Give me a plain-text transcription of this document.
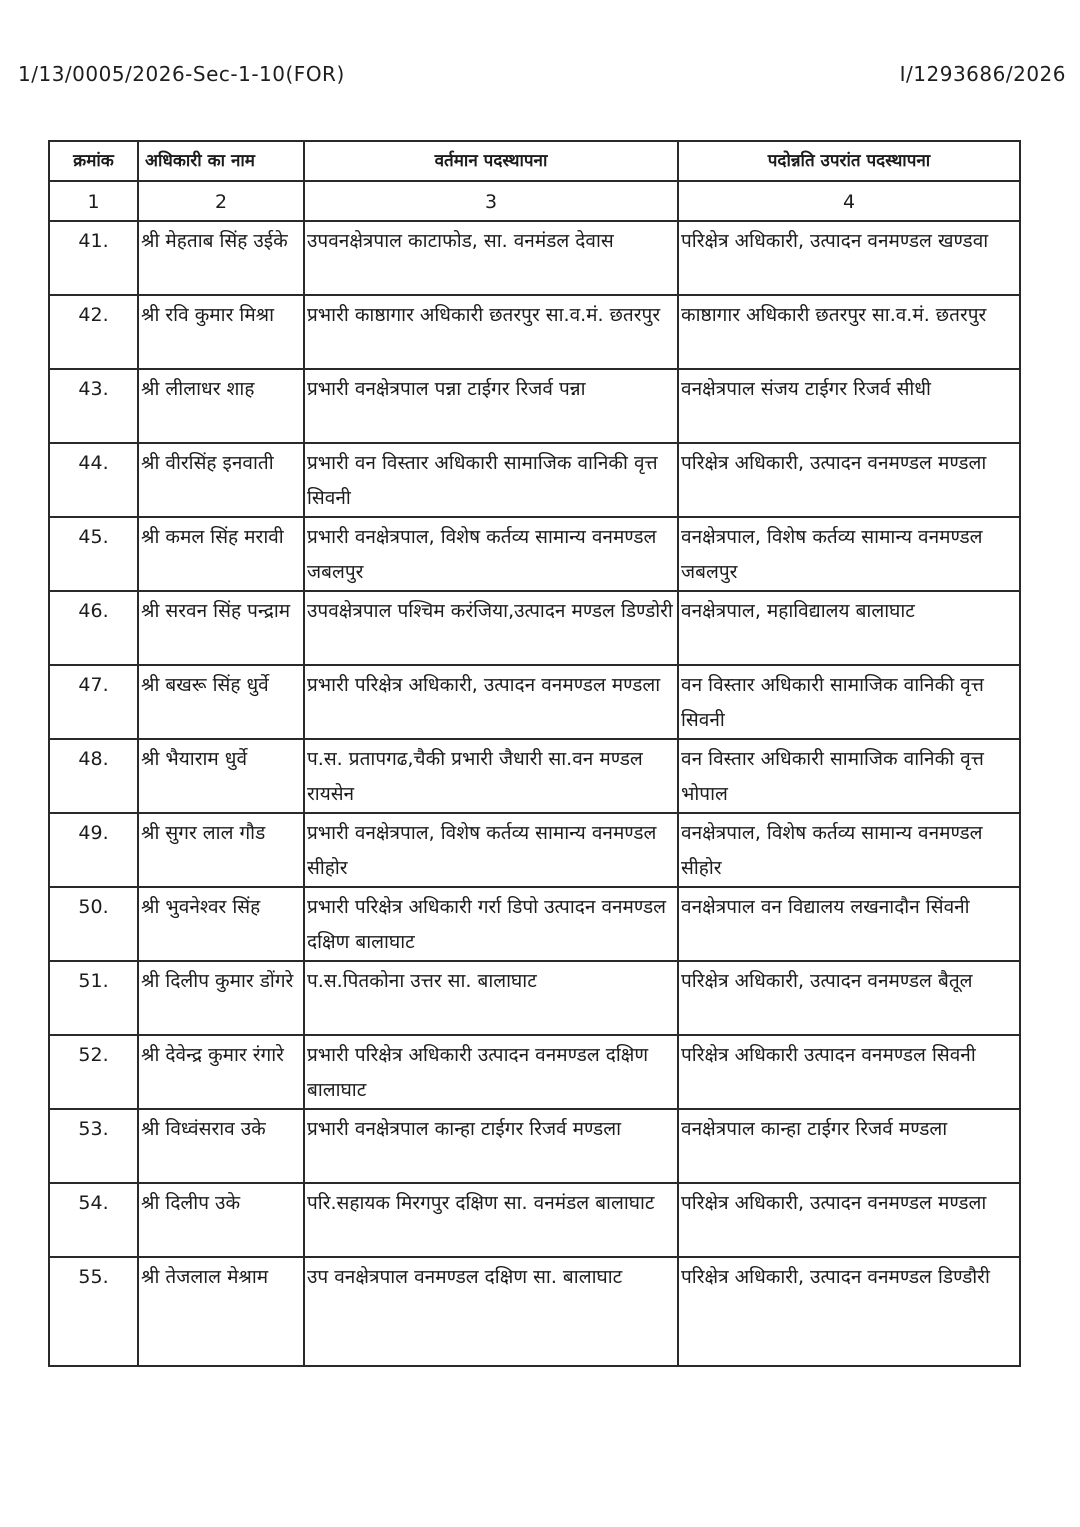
1/13/0005/2026-Sec-1-10(FOR)	I/1293686/2026
क्रमांक	अधिकारी का नाम	वर्तमान पदस्थापना	पदोन्नति उपरांत पदस्थापना
1	2	3	4
41.	श्री मेहताब सिंह उईके	उपवनक्षेत्रपाल काटाफोड, सा. वनमंडल देवास	परिक्षेत्र अधिकारी, उत्पादन वनमण्डल खण्डवा
42.	श्री रवि कुमार मिश्रा	प्रभारी काष्ठागार अधिकारी छतरपुर सा.व.मं. छतरपुर	काष्ठागार अधिकारी छतरपुर सा.व.मं. छतरपुर
43.	श्री लीलाधर शाह	प्रभारी वनक्षेत्रपाल पन्ना टाईगर रिजर्व पन्ना	वनक्षेत्रपाल संजय टाईगर रिजर्व सीधी
44.	श्री वीरसिंह इनवाती	प्रभारी वन विस्तार अधिकारी सामाजिक वानिकी वृत्त सिवनी	परिक्षेत्र अधिकारी, उत्पादन वनमण्डल मण्डला
45.	श्री कमल सिंह मरावी	प्रभारी वनक्षेत्रपाल, विशेष कर्तव्य सामान्य वनमण्डल जबलपुर	वनक्षेत्रपाल, विशेष कर्तव्य सामान्य वनमण्डल जबलपुर
46.	श्री सरवन सिंह पन्द्राम	उपवक्षेत्रपाल पश्चिम करंजिया,उत्पादन मण्डल डिण्डोरी	वनक्षेत्रपाल, महाविद्यालय बालाघाट
47.	श्री बखरू सिंह धुर्वे	प्रभारी परिक्षेत्र अधिकारी, उत्पादन वनमण्डल मण्डला	वन विस्तार अधिकारी सामाजिक वानिकी वृत्त सिवनी
48.	श्री भैयाराम धुर्वे	प.स. प्रतापगढ,चैकी प्रभारी जैधारी सा.वन मण्डल रायसेन	वन विस्तार अधिकारी सामाजिक वानिकी वृत्त भोपाल
49.	श्री सुगर लाल गौड	प्रभारी वनक्षेत्रपाल, विशेष कर्तव्य सामान्य वनमण्डल सीहोर	वनक्षेत्रपाल, विशेष कर्तव्य सामान्य वनमण्डल सीहोर
50.	श्री भुवनेश्वर सिंह	प्रभारी परिक्षेत्र अधिकारी गर्रा डिपो उत्पादन वनमण्डल दक्षिण बालाघाट	वनक्षेत्रपाल वन विद्यालय लखनादौन सिंवनी
51.	श्री दिलीप कुमार डोंगरे	प.स.पितकोना उत्तर सा. बालाघाट	परिक्षेत्र अधिकारी, उत्पादन वनमण्डल बैतूल
52.	श्री देवेन्द्र कुमार रंगारे	प्रभारी परिक्षेत्र अधिकारी उत्पादन वनमण्डल दक्षिण बालाघाट	परिक्षेत्र अधिकारी उत्पादन वनमण्डल सिवनी
53.	श्री विध्वंसराव उके	प्रभारी वनक्षेत्रपाल कान्हा टाईगर रिजर्व मण्डला	वनक्षेत्रपाल कान्हा टाईगर रिजर्व मण्डला
54.	श्री दिलीप उके	परि.सहायक मिरगपुर दक्षिण सा. वनमंडल बालाघाट	परिक्षेत्र अधिकारी, उत्पादन वनमण्डल मण्डला
55.	श्री तेजलाल मेश्राम	उप वनक्षेत्रपाल वनमण्डल दक्षिण सा. बालाघाट	परिक्षेत्र अधिकारी, उत्पादन वनमण्डल डिण्डौरी
